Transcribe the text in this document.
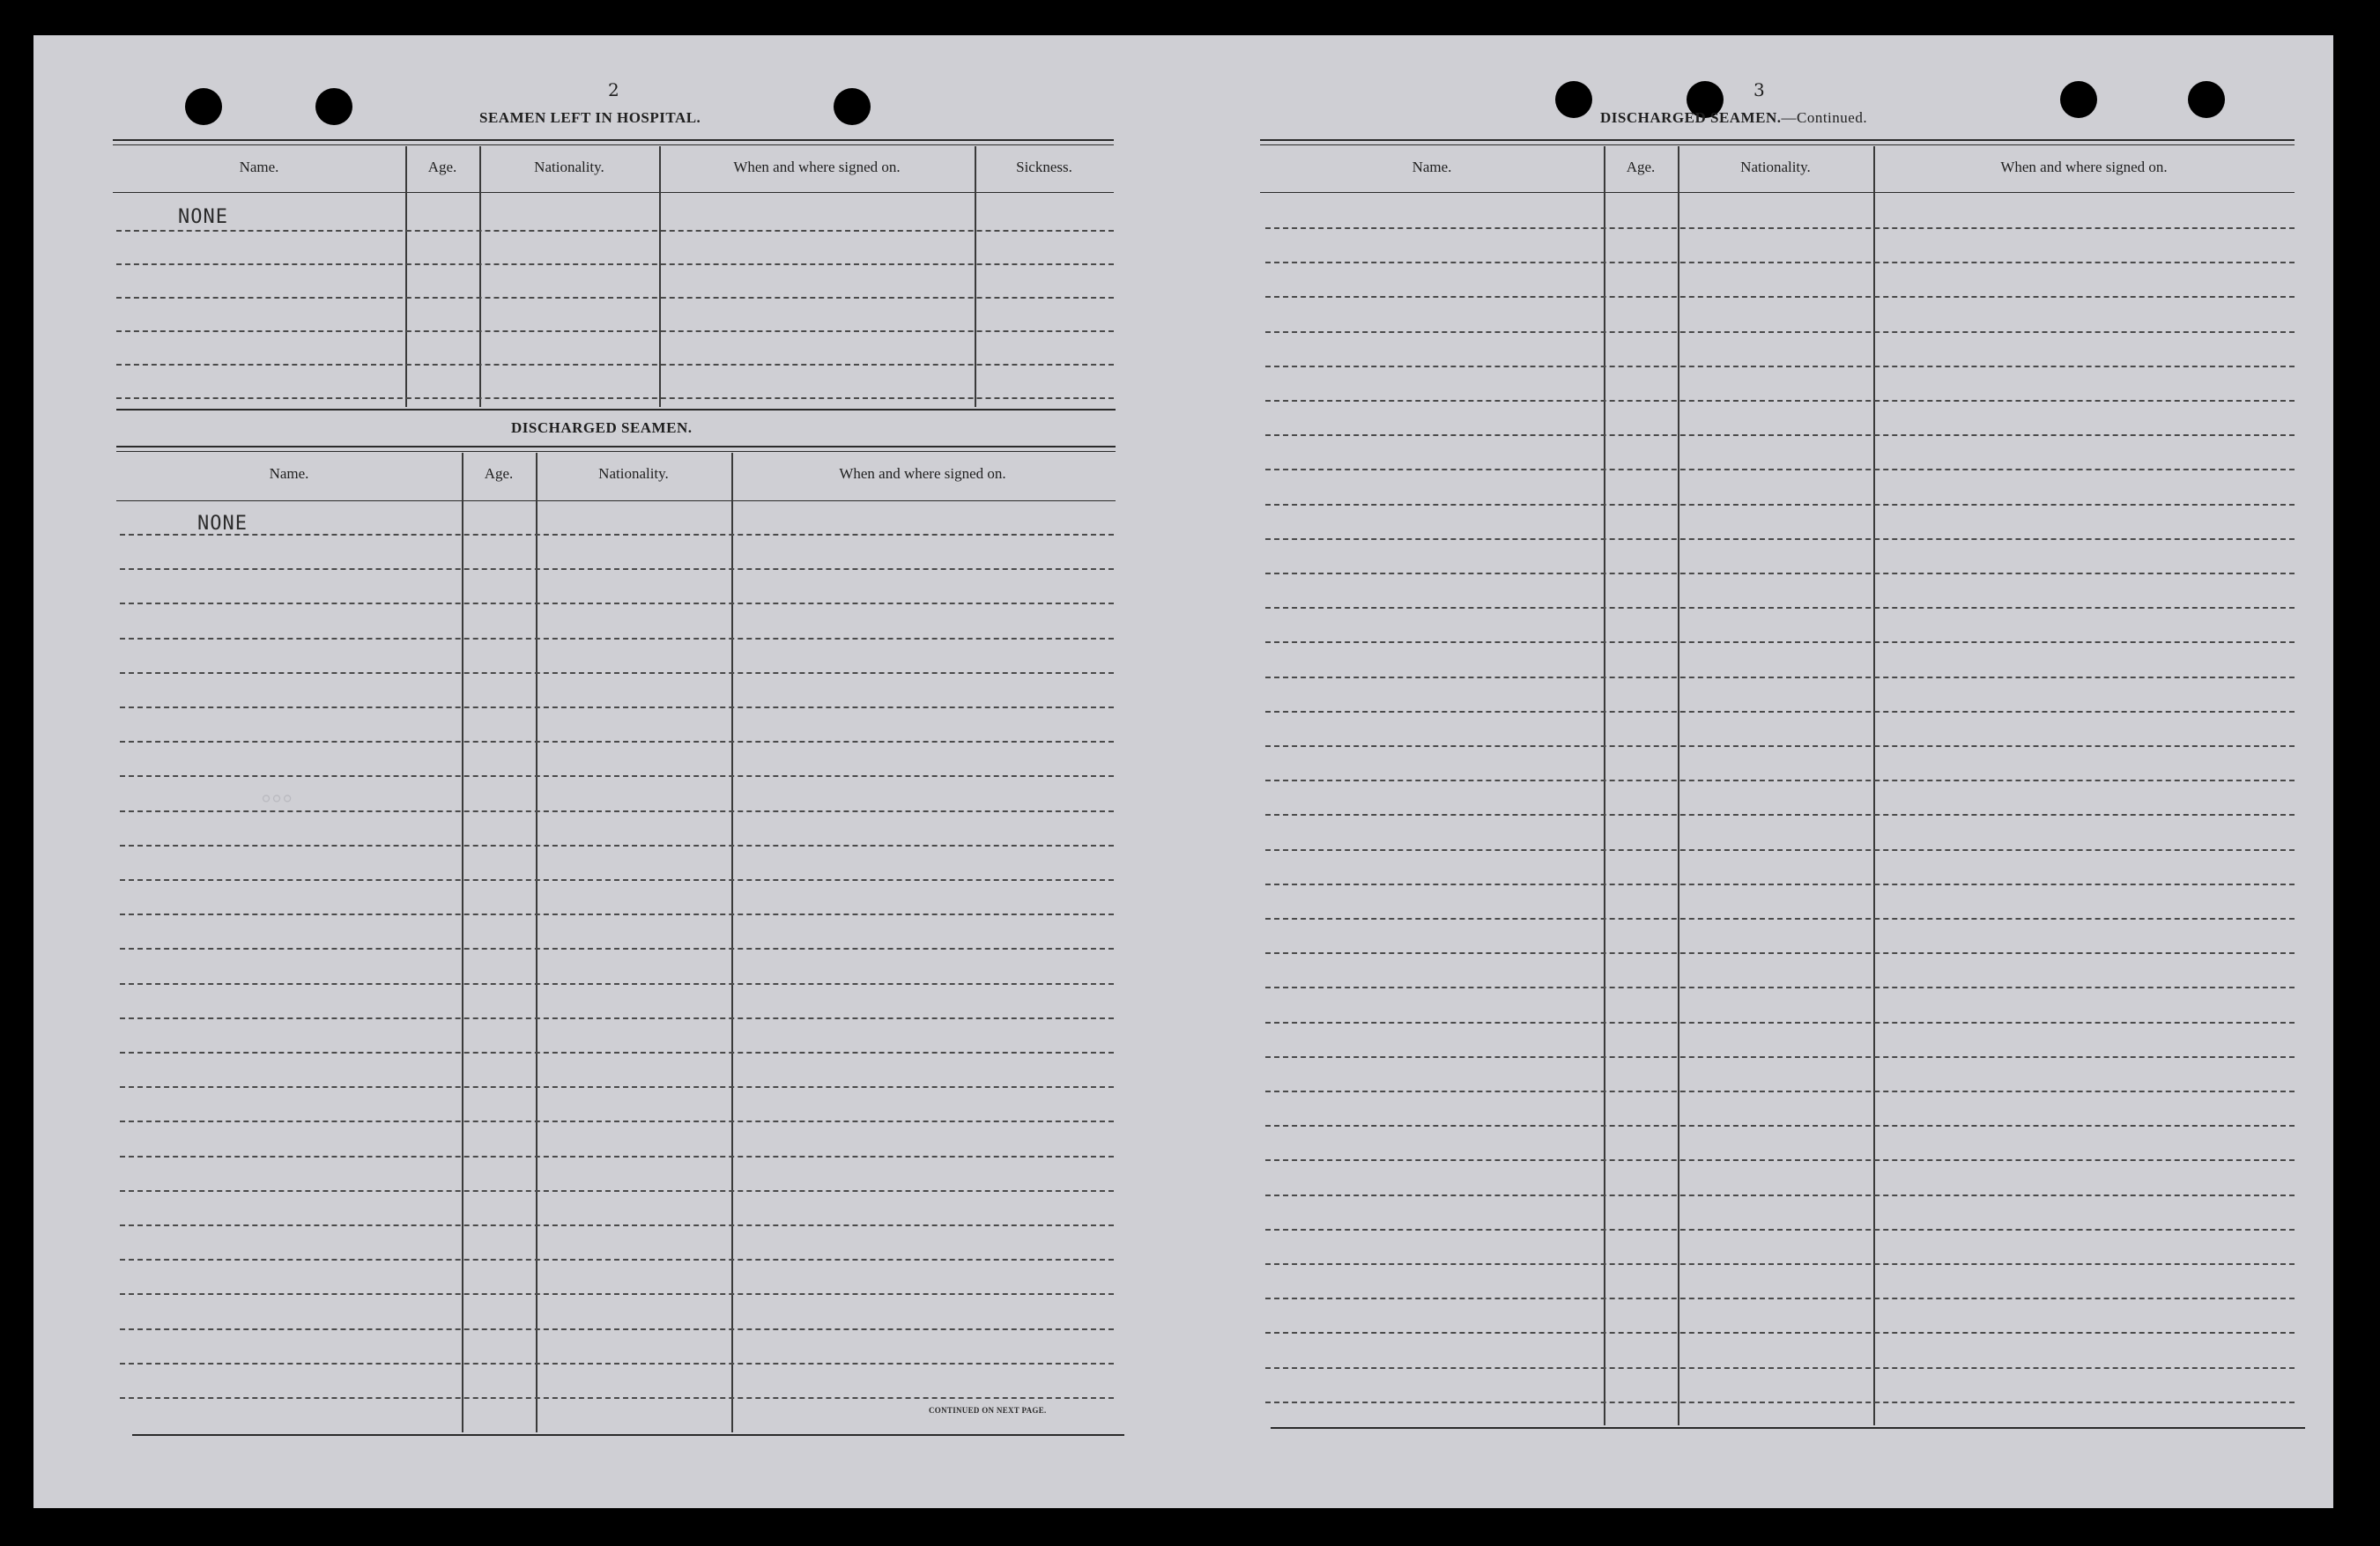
◦◦◦
2
SEAMEN LEFT IN HOSPITAL.
Name.	Age.	Nationality.	When and where signed on.	Sickness.
NONE
DISCHARGED SEAMEN.
Name.	Age.	Nationality.	When and where signed on.
NONE
CONTINUED ON NEXT PAGE.
3
DISCHARGED SEAMEN.—Continued.
Name.	Age.	Nationality.	When and where signed on.
